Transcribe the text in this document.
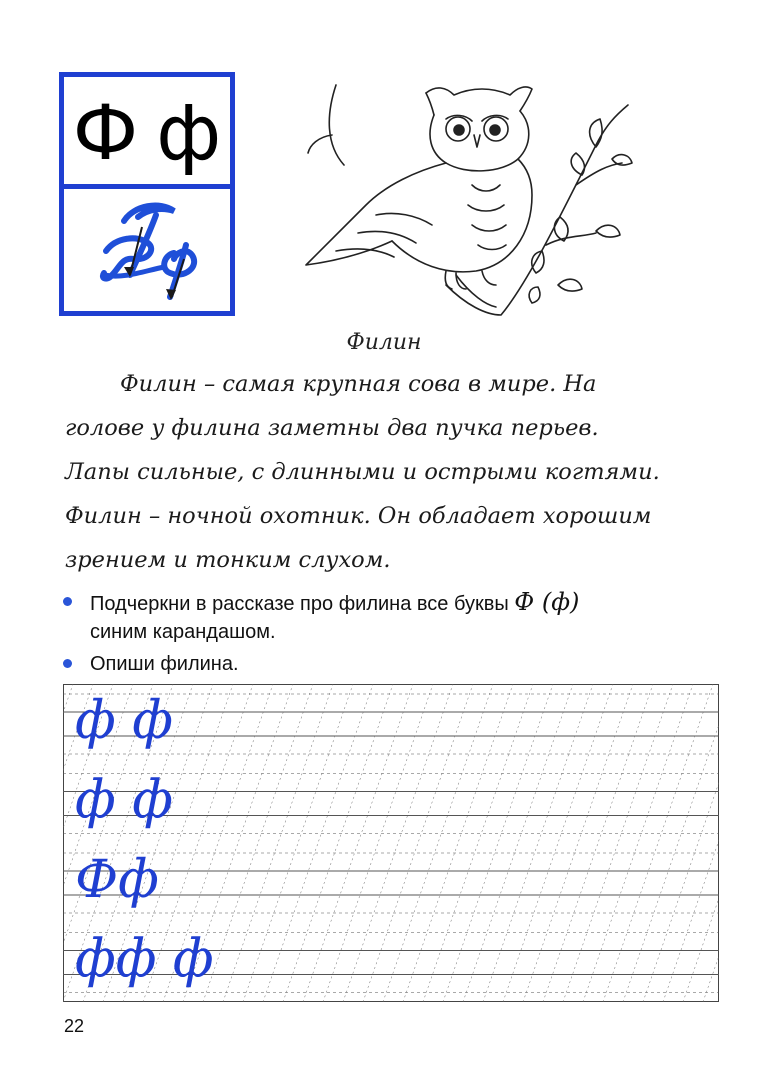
Ф ф
Филин
Филин – самая крупная сова в мире. На
голове у филина заметны два пучка перьев.
Лапы сильные, с длинными и острыми когтями.
Филин – ночной охотник. Он обладает хорошим
зрением и тонким слухом.
Подчеркни в рассказе про филина все буквы Ф (ф)
синим карандашом.
Опиши филина.
ф ф
ф ф
Фф
фф ф
22
